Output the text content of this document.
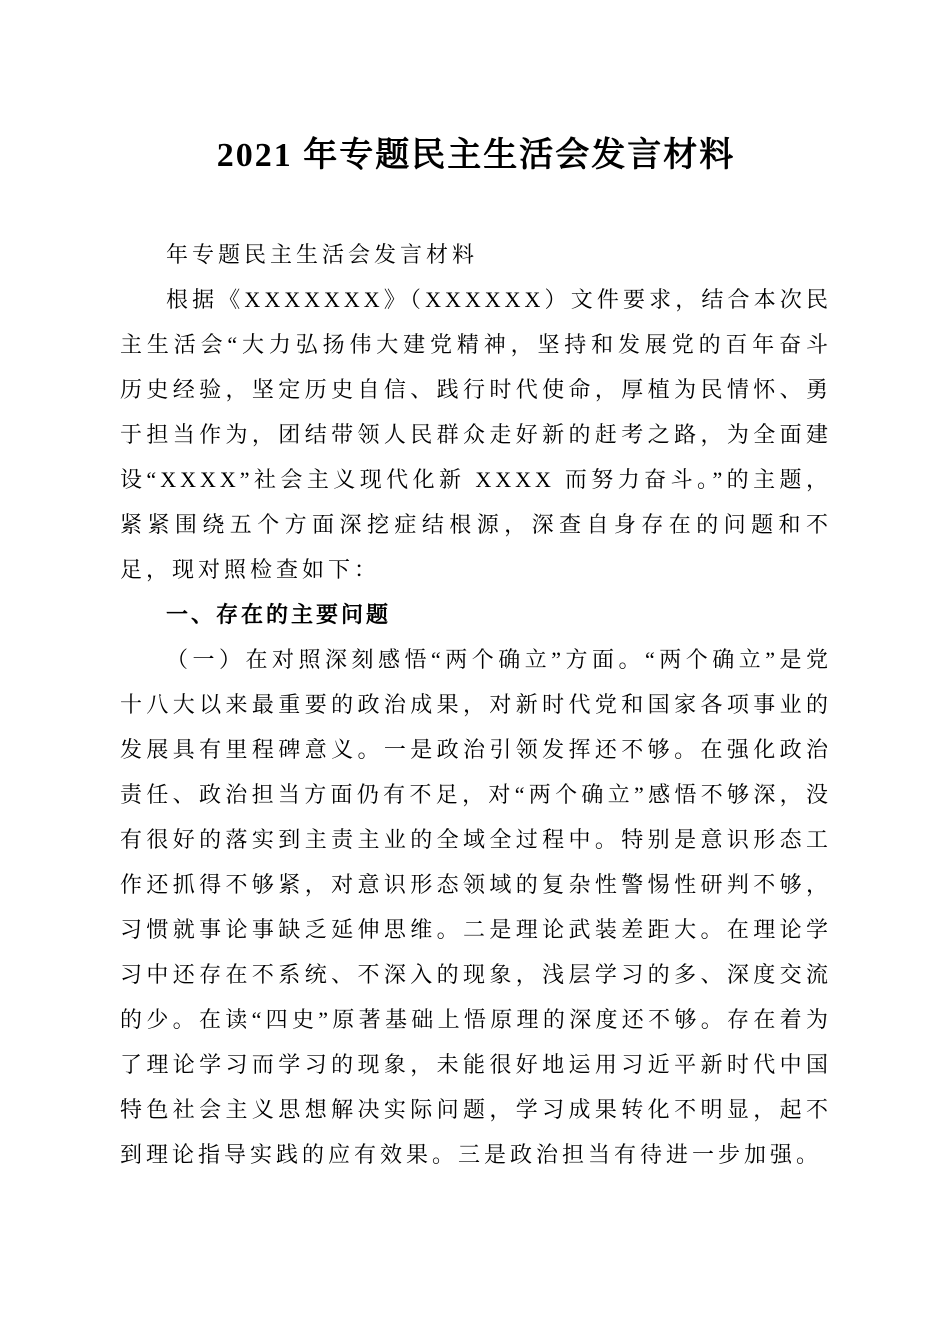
2021 年专题民主生活会发言材料

年专题民主生活会发言材料

根据《XXXXXXX》（XXXXXX）文件要求，结合本次民主生活会“大力弘扬伟大建党精神，坚持和发展党的百年奋斗历史经验，坚定历史自信、践行时代使命，厚植为民情怀、勇于担当作为，团结带领人民群众走好新的赶考之路，为全面建设“XXXX”社会主义现代化新 XXXX 而努力奋斗。”的主题，紧紧围绕五个方面深挖症结根源，深查自身存在的问题和不足，现对照检查如下：

一、存在的主要问题

（一）在对照深刻感悟“两个确立”方面。“两个确立”是党十八大以来最重要的政治成果，对新时代党和国家各项事业的发展具有里程碑意义。一是政治引领发挥还不够。在强化政治责任、政治担当方面仍有不足，对“两个确立”感悟不够深，没有很好的落实到主责主业的全域全过程中。特别是意识形态工作还抓得不够紧，对意识形态领域的复杂性警惕性研判不够，习惯就事论事缺乏延伸思维。二是理论武装差距大。在理论学习中还存在不系统、不深入的现象，浅层学习的多、深度交流的少。在读“四史”原著基础上悟原理的深度还不够。存在着为了理论学习而学习的现象，未能很好地运用习近平新时代中国特色社会主义思想解决实际问题，学习成果转化不明显，起不到理论指导实践的应有效果。三是政治担当有待进一步加强。
